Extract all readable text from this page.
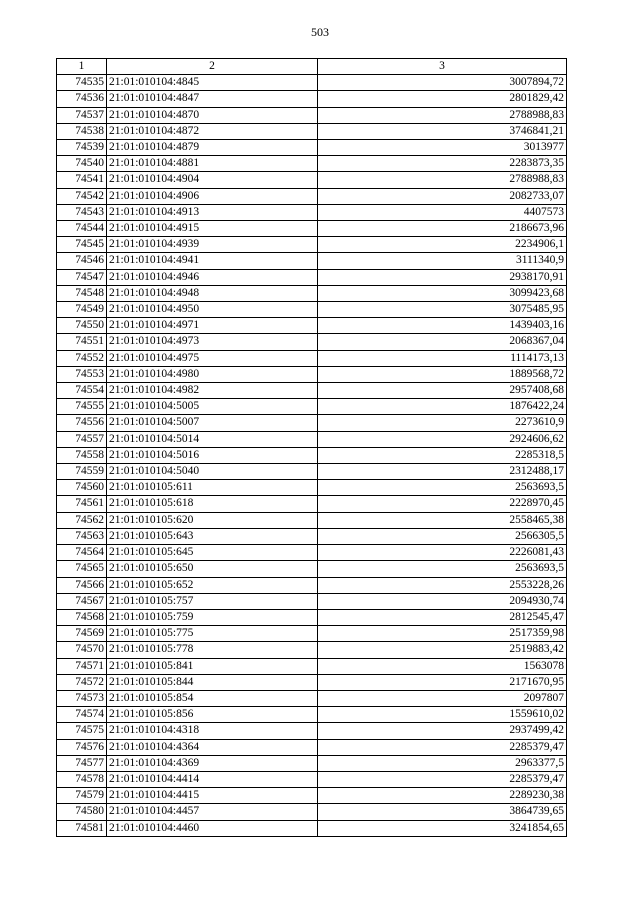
503
1	2	3
74535	21:01:010104:4845	3007894,72
74536	21:01:010104:4847	2801829,42
74537	21:01:010104:4870	2788988,83
74538	21:01:010104:4872	3746841,21
74539	21:01:010104:4879	3013977
74540	21:01:010104:4881	2283873,35
74541	21:01:010104:4904	2788988,83
74542	21:01:010104:4906	2082733,07
74543	21:01:010104:4913	4407573
74544	21:01:010104:4915	2186673,96
74545	21:01:010104:4939	2234906,1
74546	21:01:010104:4941	3111340,9
74547	21:01:010104:4946	2938170,91
74548	21:01:010104:4948	3099423,68
74549	21:01:010104:4950	3075485,95
74550	21:01:010104:4971	1439403,16
74551	21:01:010104:4973	2068367,04
74552	21:01:010104:4975	1114173,13
74553	21:01:010104:4980	1889568,72
74554	21:01:010104:4982	2957408,68
74555	21:01:010104:5005	1876422,24
74556	21:01:010104:5007	2273610,9
74557	21:01:010104:5014	2924606,62
74558	21:01:010104:5016	2285318,5
74559	21:01:010104:5040	2312488,17
74560	21:01:010105:611	2563693,5
74561	21:01:010105:618	2228970,45
74562	21:01:010105:620	2558465,38
74563	21:01:010105:643	2566305,5
74564	21:01:010105:645	2226081,43
74565	21:01:010105:650	2563693,5
74566	21:01:010105:652	2553228,26
74567	21:01:010105:757	2094930,74
74568	21:01:010105:759	2812545,47
74569	21:01:010105:775	2517359,98
74570	21:01:010105:778	2519883,42
74571	21:01:010105:841	1563078
74572	21:01:010105:844	2171670,95
74573	21:01:010105:854	2097807
74574	21:01:010105:856	1559610,02
74575	21:01:010104:4318	2937499,42
74576	21:01:010104:4364	2285379,47
74577	21:01:010104:4369	2963377,5
74578	21:01:010104:4414	2285379,47
74579	21:01:010104:4415	2289230,38
74580	21:01:010104:4457	3864739,65
74581	21:01:010104:4460	3241854,65
